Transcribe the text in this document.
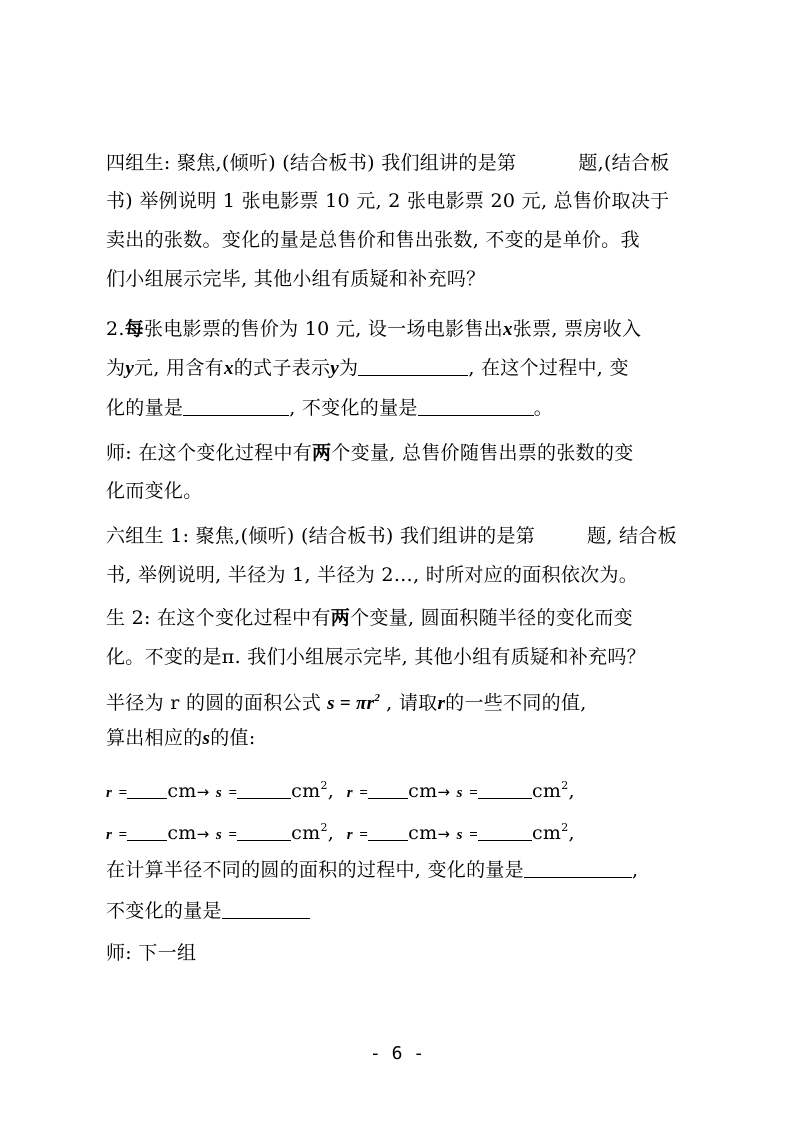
四组生: 聚焦,(倾听) (结合板书) 我们组讲的是第	题,(结合板
书) 举例说明 1 张电影票 10 元, 2 张电影票 20 元, 总售价取决于
卖出的张数。变化的量是总售价和售出张数, 不变的是单价。我
们小组展示完毕, 其他小组有质疑和补充吗？
2.每张电影票的售价为 10 元, 设一场电影售出x张票, 票房收入
为y元, 用含有x的式子表示y为	, 在这个过程中, 变
化的量是	, 不变化的量是	。
师: 在这个变化过程中有两个变量, 总售价随售出票的张数的变
化而变化。
六组生 1: 聚焦,(倾听) (结合板书) 我们组讲的是第	题, 结合板
书, 举例说明, 半径为 1, 半径为 2…, 时所对应的面积依次为。
生 2: 在这个变化过程中有两个变量, 圆面积随半径的变化而变
化。不变的是π. 我们小组展示完毕, 其他小组有质疑和补充吗？
半径为 r 的圆的面积公式 $s = \pi r^2$ , 请取r的一些不同的值,
算出相应的s的值:
r = cm→ s =	$cm^2$, r = cm→ s =	$cm^2$,
r = cm→ s =	$cm^2$, r = cm→ s =	$cm^2$,
在计算半径不同的圆的面积的过程中, 变化的量是	,
不变化的量是
师: 下一组
- 6 -
